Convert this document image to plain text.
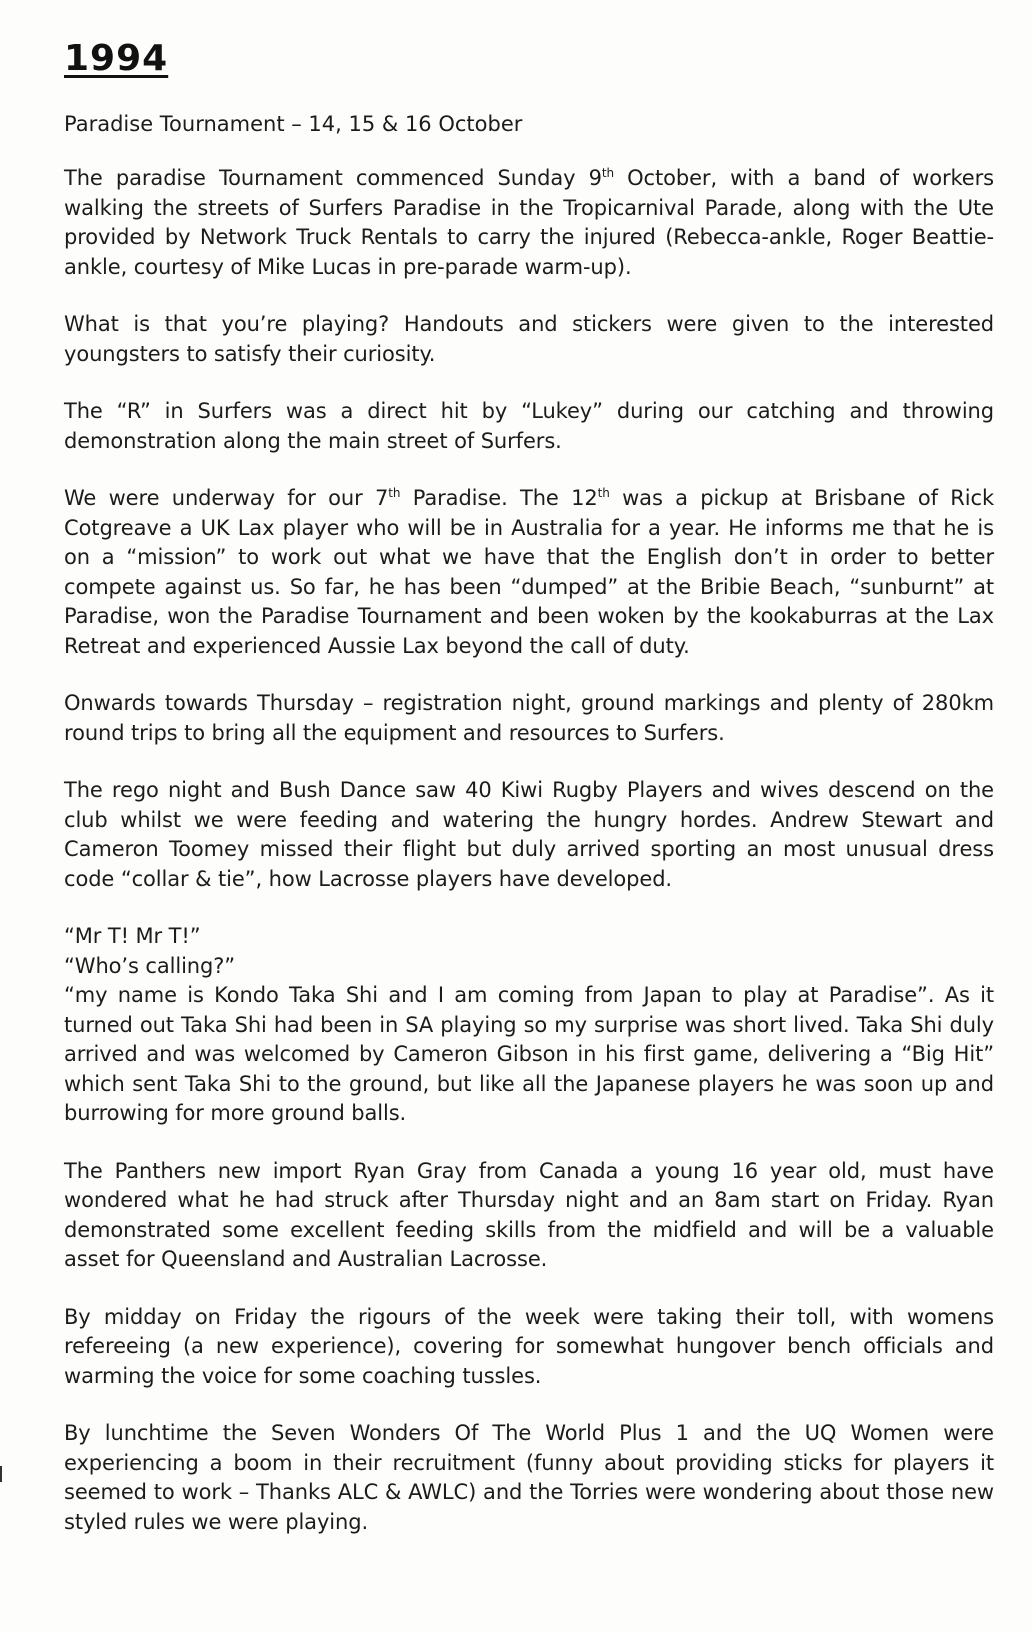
1994
Paradise Tournament – 14, 15 & 16 October

The paradise Tournament commenced Sunday 9th October, with a band of workers walking the streets of Surfers Paradise in the Tropicarnival Parade, along with the Ute provided by Network Truck Rentals to carry the injured (Rebecca-ankle, Roger Beattie-ankle, courtesy of Mike Lucas in pre-parade warm-up).

What is that you’re playing? Handouts and stickers were given to the interested youngsters to satisfy their curiosity.

The “R” in Surfers was a direct hit by “Lukey” during our catching and throwing demonstration along the main street of Surfers.

We were underway for our 7th Paradise. The 12th was a pickup at Brisbane of Rick Cotgreave a UK Lax player who will be in Australia for a year. He informs me that he is on a “mission” to work out what we have that the English don’t in order to better compete against us. So far, he has been “dumped” at the Bribie Beach, “sunburnt” at Paradise, won the Paradise Tournament and been woken by the kookaburras at the Lax Retreat and experienced Aussie Lax beyond the call of duty.

Onwards towards Thursday – registration night, ground markings and plenty of 280km round trips to bring all the equipment and resources to Surfers.

The rego night and Bush Dance saw 40 Kiwi Rugby Players and wives descend on the club whilst we were feeding and watering the hungry hordes. Andrew Stewart and Cameron Toomey missed their flight but duly arrived sporting an most unusual dress code “collar & tie”, how Lacrosse players have developed.

“Mr T! Mr T!”
“Who’s calling?”
“my name is Kondo Taka Shi and I am coming from Japan to play at Paradise”. As it turned out Taka Shi had been in SA playing so my surprise was short lived. Taka Shi duly arrived and was welcomed by Cameron Gibson in his first game, delivering a “Big Hit” which sent Taka Shi to the ground, but like all the Japanese players he was soon up and burrowing for more ground balls.

The Panthers new import Ryan Gray from Canada a young 16 year old, must have wondered what he had struck after Thursday night and an 8am start on Friday. Ryan demonstrated some excellent feeding skills from the midfield and will be a valuable asset for Queensland and Australian Lacrosse.

By midday on Friday the rigours of the week were taking their toll, with womens refereeing (a new experience), covering for somewhat hungover bench officials and warming the voice for some coaching tussles.

By lunchtime the Seven Wonders Of The World Plus 1 and the UQ Women were experiencing a boom in their recruitment (funny about providing sticks for players it seemed to work – Thanks ALC & AWLC) and the Torries were wondering about those new styled rules we were playing.
